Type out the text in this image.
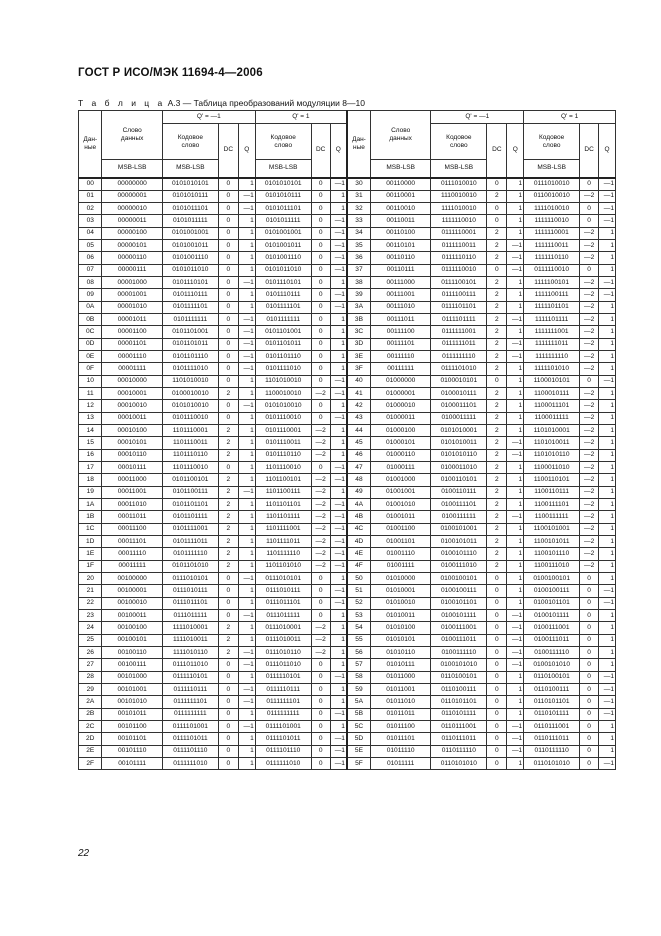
ГОСТ Р ИСО/МЭК 11694-4—2006
Т а б л и ц а А.3 — Таблица преобразований модуляции 8—10
Дан-
ные	Слово
данных	Q' = —1			Q' = 1			Дан-
ные	Слово
данных	Q' = —1			Q' = 1		
		Кодовое
слово	DC	Q	Кодовое
слово	DC	Q			Кодовое
слово	DC	Q	Кодовое
слово	DC	Q
	MSB-LSB	MSB-LSB			MSB-LSB				MSB-LSB	MSB-LSB			MSB-LSB		
00	00000000	0101010101	0	1	0101010101	0	—1	30	00110000	0111010010	0	1	0111010010	0	—1
01	00000001	0101010111	0	—1	0101010111	0	1	31	00110001	1110010010	2	1	0110010010	—2	—1
02	00000010	0101011101	0	—1	0101011101	0	1	32	00110010	1111010010	0	1	1111010010	0	—1
03	00000011	0101011111	0	1	0101011111	0	—1	33	00110011	1111110010	0	1	1111110010	0	—1
04	00000100	0101001001	0	1	0101001001	0	—1	34	00110100	0111110001	2	1	1111110001	—2	1
05	00000101	0101001011	0	1	0101001011	0	—1	35	00110101	0111110011	2	—1	1111110011	—2	1
06	00000110	0101001110	0	1	0101001110	0	—1	36	00110110	0111110110	2	—1	1111110110	—2	1
07	00000111	0101011010	0	1	0101011010	0	—1	37	00110111	0111110010	0	—1	0111110010	0	1
08	00001000	0101110101	0	—1	0101110101	0	1	38	00111000	0111100101	2	1	1111100101	—2	—1
09	00001001	0101110111	0	1	0101110111	0	—1	39	00111001	0111100111	2	1	1111100111	—2	—1
0A	00001010	0101111101	0	1	0101111101	0	—1	3A	00111010	0111101101	2	1	1111101101	—2	1
0B	00001011	0101111111	0	—1	0101111111	0	1	3B	00111011	0111101111	2	—1	1111101111	—2	1
0C	00001100	0101101001	0	—1	0101101001	0	1	3C	00111100	0111111001	2	1	1111111001	—2	1
0D	00001101	0101101011	0	—1	0101101011	0	1	3D	00111101	0111111011	2	—1	1111111011	—2	1
0E	00001110	0101101110	0	—1	0101101110	0	1	3E	00111110	0111111110	2	—1	1111111110	—2	1
0F	00001111	0101111010	0	—1	0101111010	0	1	3F	00111111	0111101010	2	1	1111101010	—2	1
10	00010000	1101010010	0	1	1101010010	0	—1	40	01000000	0100010101	0	1	1100010101	0	—1
11	00010001	0100010010	2	1	1100010010	—2	—1	41	01000001	0100010111	2	1	1100010111	—2	1
12	00010010	0101010010	0	—1	0101010010	0	1	42	01000010	0100011101	2	1	1100011101	—2	1
13	00010011	0101110010	0	1	0101110010	0	—1	43	01000011	0100011111	2	1	1100011111	—2	1
14	00010100	1101110001	2	1	0101110001	—2	1	44	01000100	0101010001	2	1	1101010001	—2	1
15	00010101	1101110011	2	1	0101110011	—2	1	45	01000101	0101010011	2	—1	1101010011	—2	1
16	00010110	1101110110	2	1	0101110110	—2	1	46	01000110	0101010110	2	—1	1101010110	—2	1
17	00010111	1101110010	0	1	1101110010	0	—1	47	01000111	0100011010	2	1	1100011010	—2	1
18	00011000	0101100101	2	1	1101100101	—2	—1	48	01001000	0100110101	2	1	1100110101	—2	1
19	00011001	0101100111	2	—1	1101100111	—2	1	49	01001001	0100110111	2	1	1100110111	—2	1
1A	00011010	0101101101	2	1	1101101101	—2	—1	4A	01001010	0100111101	2	1	1100111101	—2	1
1B	00011011	0101101111	2	1	1101101111	—2	—1	4B	01001011	0100111111	2	—1	1100111111	—2	1
1C	00011100	0101111001	2	1	1101111001	—2	—1	4C	01001100	0100101001	2	1	1100101001	—2	1
1D	00011101	0101111011	2	1	1101111011	—2	—1	4D	01001101	0100101011	2	1	1100101011	—2	1
1E	00011110	0101111110	2	1	1101111110	—2	—1	4E	01001110	0100101110	2	1	1100101110	—2	1
1F	00011111	0101101010	2	1	1101101010	—2	—1	4F	01001111	0100111010	2	1	1100111010	—2	1
20	00100000	0111010101	0	—1	0111010101	0	1	50	01010000	0100100101	0	1	0100100101	0	1
21	00100001	0111010111	0	1	0111010111	0	—1	51	01010001	0100100111	0	1	0100100111	0	—1
22	00100010	0111011101	0	1	0111011101	0	—1	52	01010010	0100101101	0	1	0100101101	0	—1
23	00100011	0111011111	0	—1	0111011111	0	1	53	01010011	0100101111	0	—1	0100101111	0	1
24	00100100	1111010001	2	1	0111010001	—2	1	54	01010100	0100111001	0	—1	0100111001	0	1
25	00100101	1111010011	2	1	0111010011	—2	1	55	01010101	0100111011	0	—1	0100111011	0	1
26	00100110	1111010110	2	—1	0111010110	—2	1	56	01010110	0100111110	0	—1	0100111110	0	1
27	00100111	0111011010	0	—1	0111011010	0	1	57	01010111	0100101010	0	—1	0100101010	0	1
28	00101000	0111110101	0	1	0111110101	0	—1	58	01011000	0110100101	0	1	0110100101	0	—1
29	00101001	0111110111	0	—1	0111110111	0	1	59	01011001	0110100111	0	1	0110100111	0	—1
2A	00101010	0111111101	0	—1	0111111101	0	1	5A	01011010	0110101101	0	1	0110101101	0	—1
2B	00101011	0111111111	0	1	0111111111	0	—1	5B	01011011	0110101111	0	1	0110101111	0	—1
2C	00101100	0111101001	0	—1	0111101001	0	1	5C	01011100	0110111001	0	—1	0110111001	0	1
2D	00101101	0111101011	0	1	0111101011	0	—1	5D	01011101	0110111011	0	—1	0110111011	0	1
2E	00101110	0111101110	0	1	0111101110	0	—1	5E	01011110	0110111110	0	—1	0110111110	0	1
2F	00101111	0111111010	0	1	0111111010	0	—1	5F	01011111	0110101010	0	1	0110101010	0	—1
22
